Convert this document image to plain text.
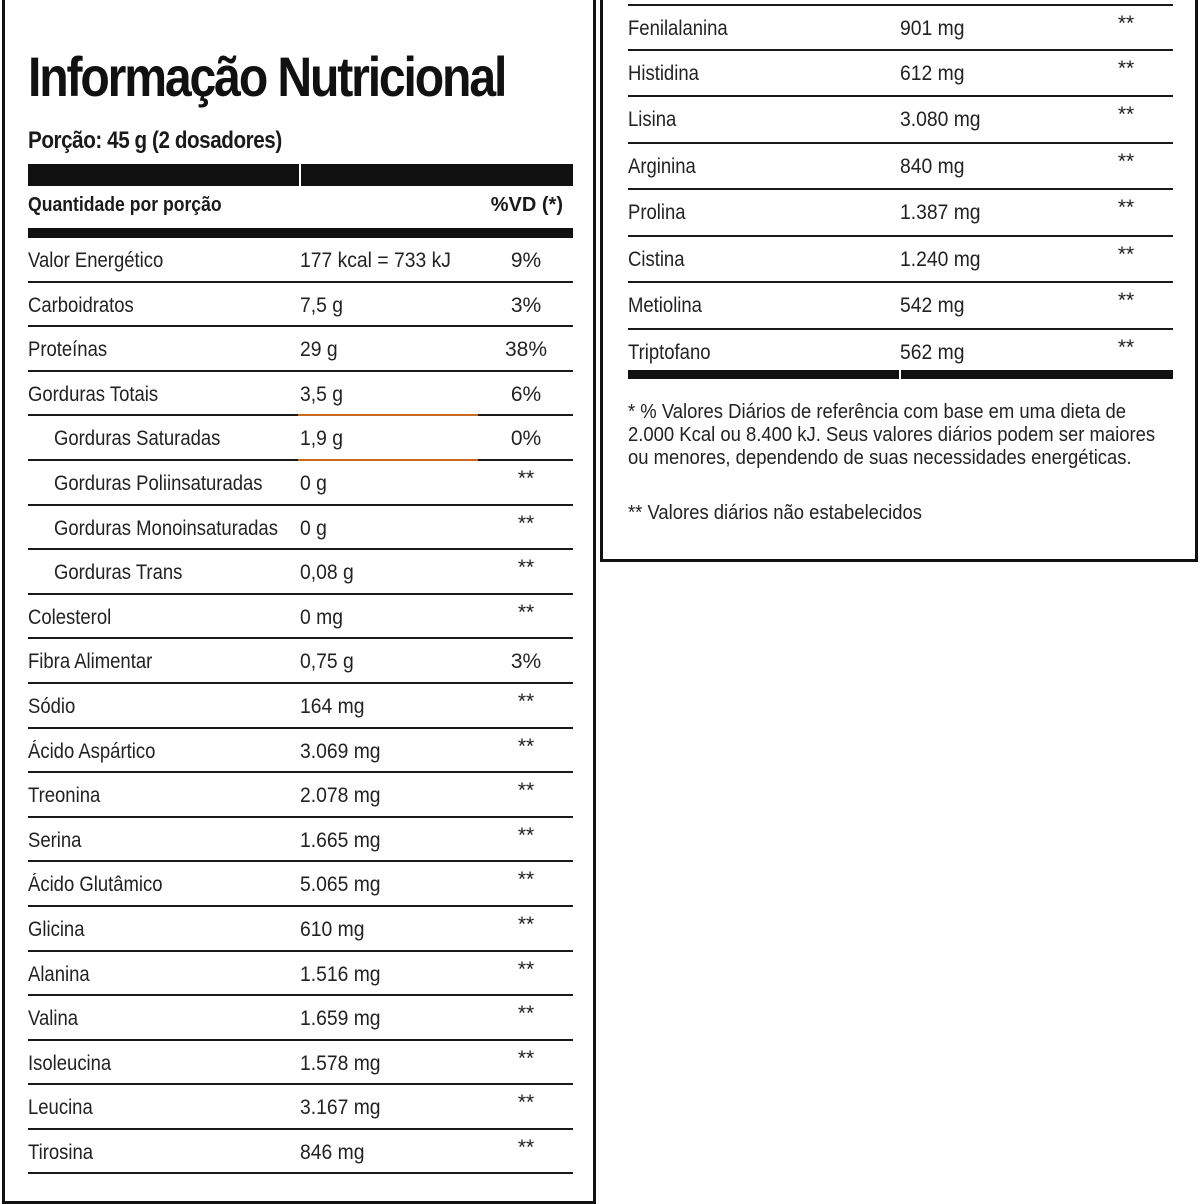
Informação Nutricional
Porção: 45 g (2 dosadores)
Quantidade por porção	%VD (*)
Valor Energético	177 kcal = 733 kJ	9%
Carboidratos	7,5 g	3%
Proteínas	29 g	38%
Gorduras Totais	3,5 g	6%
Gorduras Saturadas	1,9 g	0%
Gorduras Poliinsaturadas 0 g	**
Gorduras Monoinsaturadas 0 g	**
Gorduras Trans	0,08 g	**
Colesterol	0 mg	**
Fibra Alimentar	0,75 g	3%
Sódio	164 mg	**
Ácido Aspártico	3.069 mg	**
Treonina	2.078 mg	**
Serina	1.665 mg	**
Ácido Glutâmico	5.065 mg	**
Glicina	610 mg	**
Alanina	1.516 mg	**
Valina	1.659 mg	**
Isoleucina	1.578 mg	**
Leucina	3.167 mg	**
Tirosina	846 mg	**
Fenilalanina	901 mg	**
Histidina	612 mg	**
Lisina	3.080 mg	**
Arginina	840 mg	**
Prolina	1.387 mg	**
Cistina	1.240 mg	**
Metiolina	542 mg	**
Triptofano	562 mg	**
* % Valores Diários de referência com base em uma dieta de 2.000 Kcal ou 8.400 kJ. Seus valores diários podem ser maiores ou menores, dependendo de suas necessidades energéticas.
** Valores diários não estabelecidos
